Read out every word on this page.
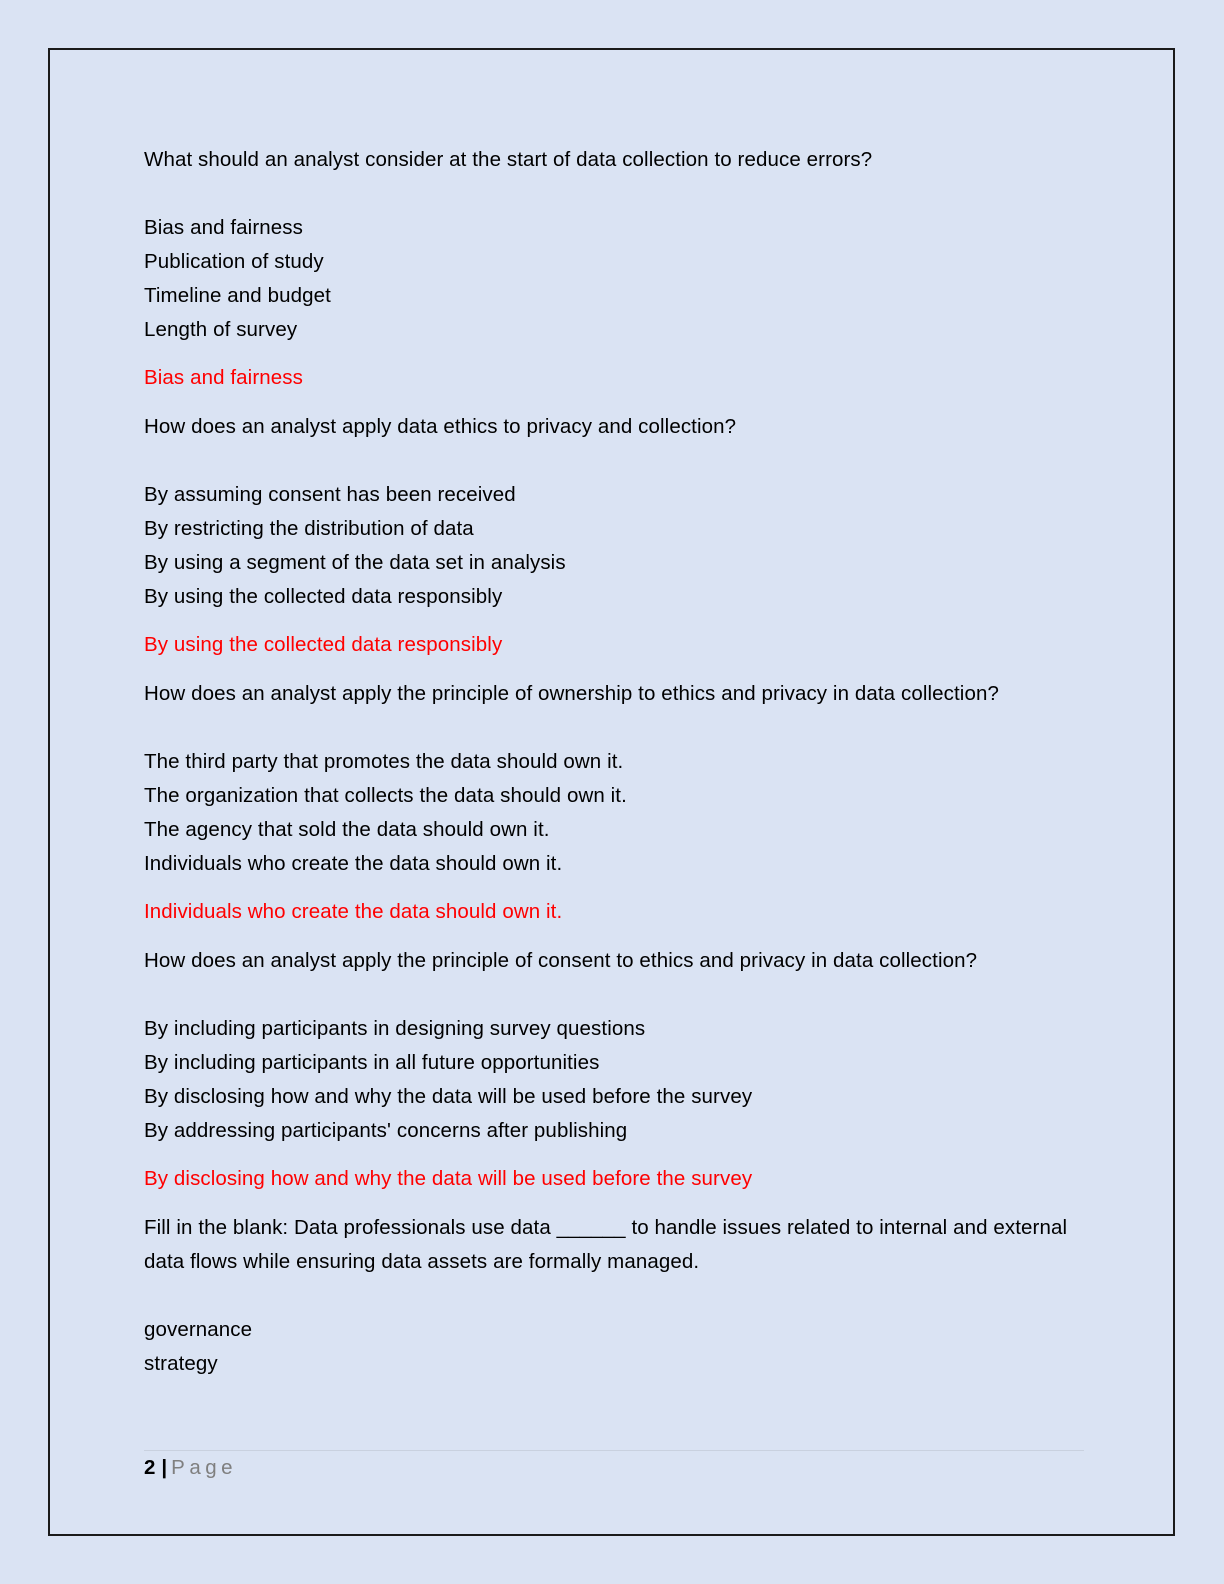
What should an analyst consider at the start of data collection to reduce errors?
Bias and fairness
Publication of study
Timeline and budget
Length of survey
Bias and fairness
How does an analyst apply data ethics to privacy and collection?
By assuming consent has been received
By restricting the distribution of data
By using a segment of the data set in analysis
By using the collected data responsibly
By using the collected data responsibly
How does an analyst apply the principle of ownership to ethics and privacy in data collection?
The third party that promotes the data should own it.
The organization that collects the data should own it.
The agency that sold the data should own it.
Individuals who create the data should own it.
Individuals who create the data should own it.
How does an analyst apply the principle of consent to ethics and privacy in data collection?
By including participants in designing survey questions
By including participants in all future opportunities
By disclosing how and why the data will be used before the survey
By addressing participants' concerns after publishing
By disclosing how and why the data will be used before the survey
Fill in the blank: Data professionals use data ______ to handle issues related to internal and external data flows while ensuring data assets are formally managed.
governance
strategy
2 | Page
